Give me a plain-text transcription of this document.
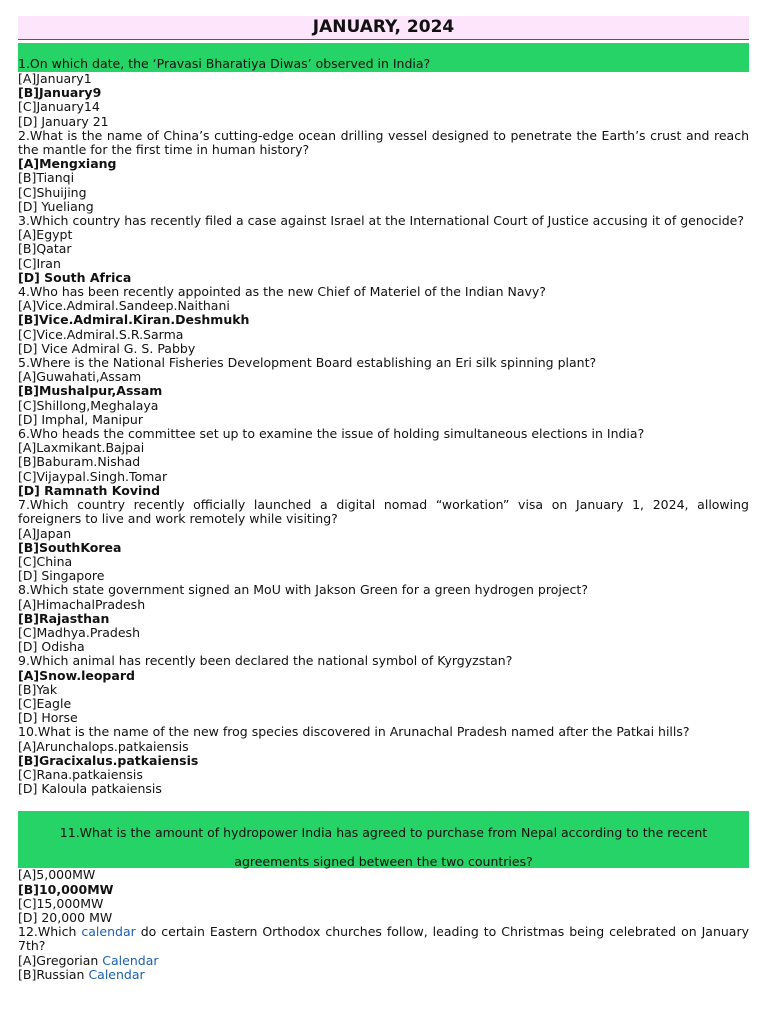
JANUARY, 2024
1.On which date, the ‘Pravasi Bharatiya Diwas’ observed in India?
[A]January1
[B]January9
[C]January14
[D] January 21
2.What is the name of China’s cutting-edge ocean drilling vessel designed to penetrate the Earth’s crust and reach the mantle for the first time in human history?
[A]Mengxiang
[B]Tianqi
[C]Shuijing
[D] Yueliang
3.Which country has recently filed a case against Israel at the International Court of Justice accusing it of genocide?
[A]Egypt
[B]Qatar
[C]Iran
[D] South Africa
4.Who has been recently appointed as the new Chief of Materiel of the Indian Navy?
[A]Vice.Admiral.Sandeep.Naithani
[B]Vice.Admiral.Kiran.Deshmukh
[C]Vice.Admiral.S.R.Sarma
[D] Vice Admiral G. S. Pabby
5.Where is the National Fisheries Development Board establishing an Eri silk spinning plant?
[A]Guwahati,Assam
[B]Mushalpur,Assam
[C]Shillong,Meghalaya
[D] Imphal, Manipur
6.Who heads the committee set up to examine the issue of holding simultaneous elections in India?
[A]Laxmikant.Bajpai
[B]Baburam.Nishad
[C]Vijaypal.Singh.Tomar
[D] Ramnath Kovind
7.Which country recently officially launched a digital nomad “workation” visa on January 1, 2024, allowing foreigners to live and work remotely while visiting?
[A]Japan
[B]SouthKorea
[C]China
[D] Singapore
8.Which state government signed an MoU with Jakson Green for a green hydrogen project?
[A]HimachalPradesh
[B]Rajasthan
[C]Madhya.Pradesh
[D] Odisha
9.Which animal has recently been declared the national symbol of Kyrgyzstan?
[A]Snow.leopard
[B]Yak
[C]Eagle
[D] Horse
10.What is the name of the new frog species discovered in Arunachal Pradesh named after the Patkai hills?
[A]Arunchalops.patkaiensis
[B]Gracixalus.patkaiensis
[C]Rana.patkaiensis
[D] Kaloula patkaiensis
11.What is the amount of hydropower India has agreed to purchase from Nepal according to the recent
agreements signed between the two countries?
[A]5,000MW
[B]10,000MW
[C]15,000MW
[D] 20,000 MW
12.Which calendar do certain Eastern Orthodox churches follow, leading to Christmas being celebrated on January 7th?
[A]Gregorian Calendar
[B]Russian Calendar
